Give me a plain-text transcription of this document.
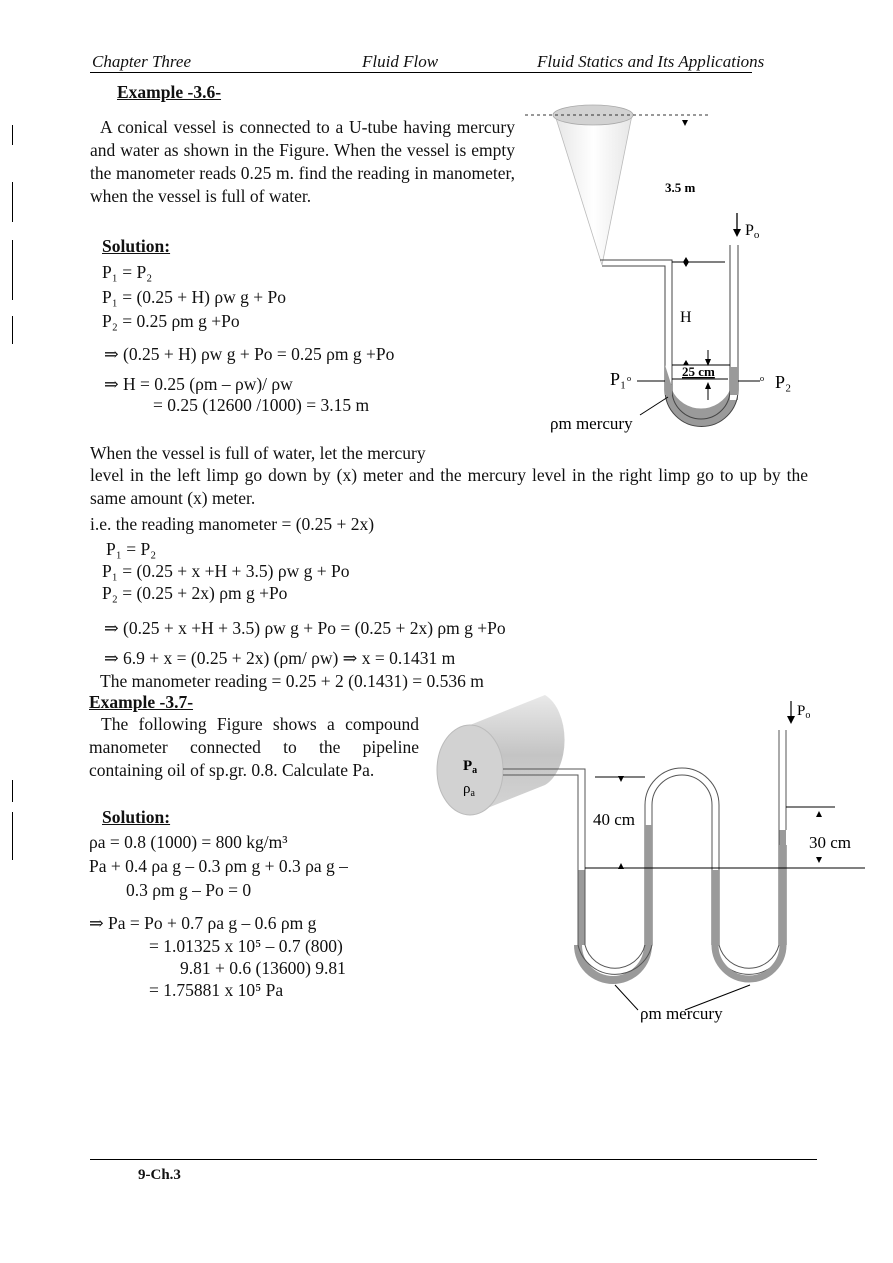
Chapter Three	Fluid Flow	Fluid Statics and Its Applications
Example -3.6-
A conical vessel is connected to a U-tube having mercury and water as shown in the Figure. When the vessel is empty the manometer reads 0.25 m. find the reading in manometer, when the vessel is full of water.
Solution:
P₁ = P₂
P₁ = (0.25 + H) ρw g + Po
P₂ = 0.25 ρm g +Po
⇒ (0.25 + H) ρw g + Po = 0.25 ρm g +Po
⇒ H = 0.25 (ρm – ρw)/ ρw
= 0.25 (12600 /1000) = 3.15 m
When the vessel is full of water, let the mercury
level in the left limp go down by (x) meter and the mercury level in the right limp go to up by the same amount (x) meter.
i.e. the reading manometer = (0.25 + 2x)
P₁ = P₂
P₁ = (0.25 + x +H + 3.5) ρw g + Po
P₂ = (0.25 + 2x) ρm g +Po
⇒ (0.25 + x +H + 3.5) ρw g + Po = (0.25 + 2x) ρm g +Po
⇒ 6.9 + x = (0.25 + 2x) (ρm/ ρw) ⇒ x = 0.1431 m
The manometer reading = 0.25 + 2 (0.1431) = 0.536 m
3.5 m
H
25 cm
Po
P₁ ᵒ	ᵒ P₂
ρm mercury
Example -3.7-
The following Figure shows a compound manometer connected to the pipeline containing oil of sp.gr. 0.8. Calculate Pa.
Solution:
ρa = 0.8 (1000) = 800 kg/m³
Pa + 0.4 ρa g – 0.3 ρm g + 0.3 ρa g –
0.3 ρm g – Po = 0
⇒ Pa = Po + 0.7 ρa g – 0.6 ρm g
= 1.01325 x 10⁵ – 0.7 (800)
9.81 + 0.6 (13600) 9.81
= 1.75881 x 10⁵ Pa
$P_a$
$\rho_a$
40 cm
30 cm
$P_o$
ρm mercury
9-Ch.3
